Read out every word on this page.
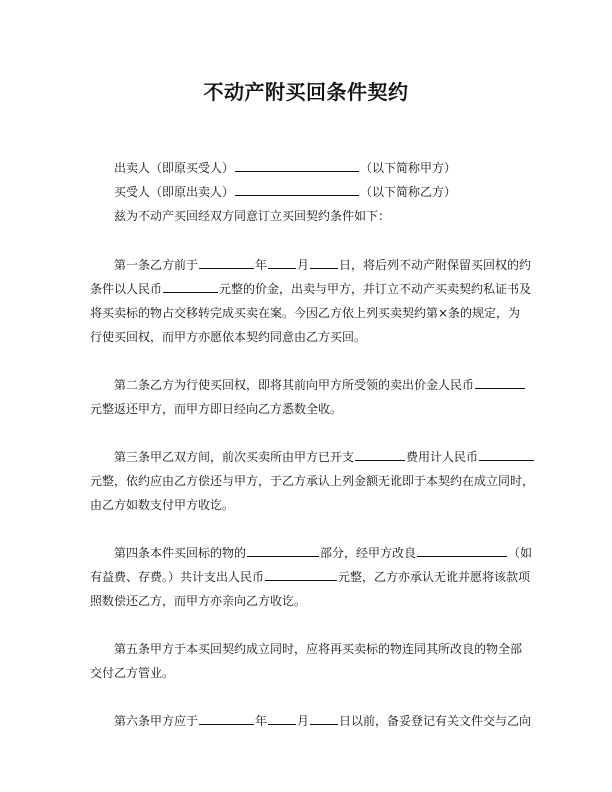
不动产附买回条件契约
出卖人（即原买受人）	（以下简称甲方）
买受人（即原出卖人）	（以下简称乙方）
兹为不动产买回经双方同意订立买回契约条件如下：
第一条乙方前于	年	月	日，将后列不动产附保留买回权的约
条件以人民币	元整的价金，出卖与甲方，并订立不动产买卖契约私证书及
将买卖标的物占交移转完成买卖在案。今因乙方依上列买卖契约第×条的规定，为
行使买回权，而甲方亦愿依本契约同意由乙方买回。
第二条乙方为行使买回权，即将其前向甲方所受领的卖出价金人民币
元整返还甲方，而甲方即日经向乙方悉数全收。
第三条甲乙双方间，前次买卖所由甲方已开支	费用计人民币
元整，依约应由乙方偿还与甲方，于乙方承认上列金额无讹即于本契约在成立同时，
由乙方如数支付甲方收讫。
第四条本件买回标的物的	部分，经甲方改良	（如
有益费、存费。）共计支出人民币	元整，乙方亦承认无讹并愿将该款项
照数偿还乙方，而甲方亦亲向乙方收讫。
第五条甲方于本买回契约成立同时，应将再买卖标的物连同其所改良的物全部
交付乙方管业。
第六条甲方应于	年	月	日以前，备妥登记有关文件交与乙向
